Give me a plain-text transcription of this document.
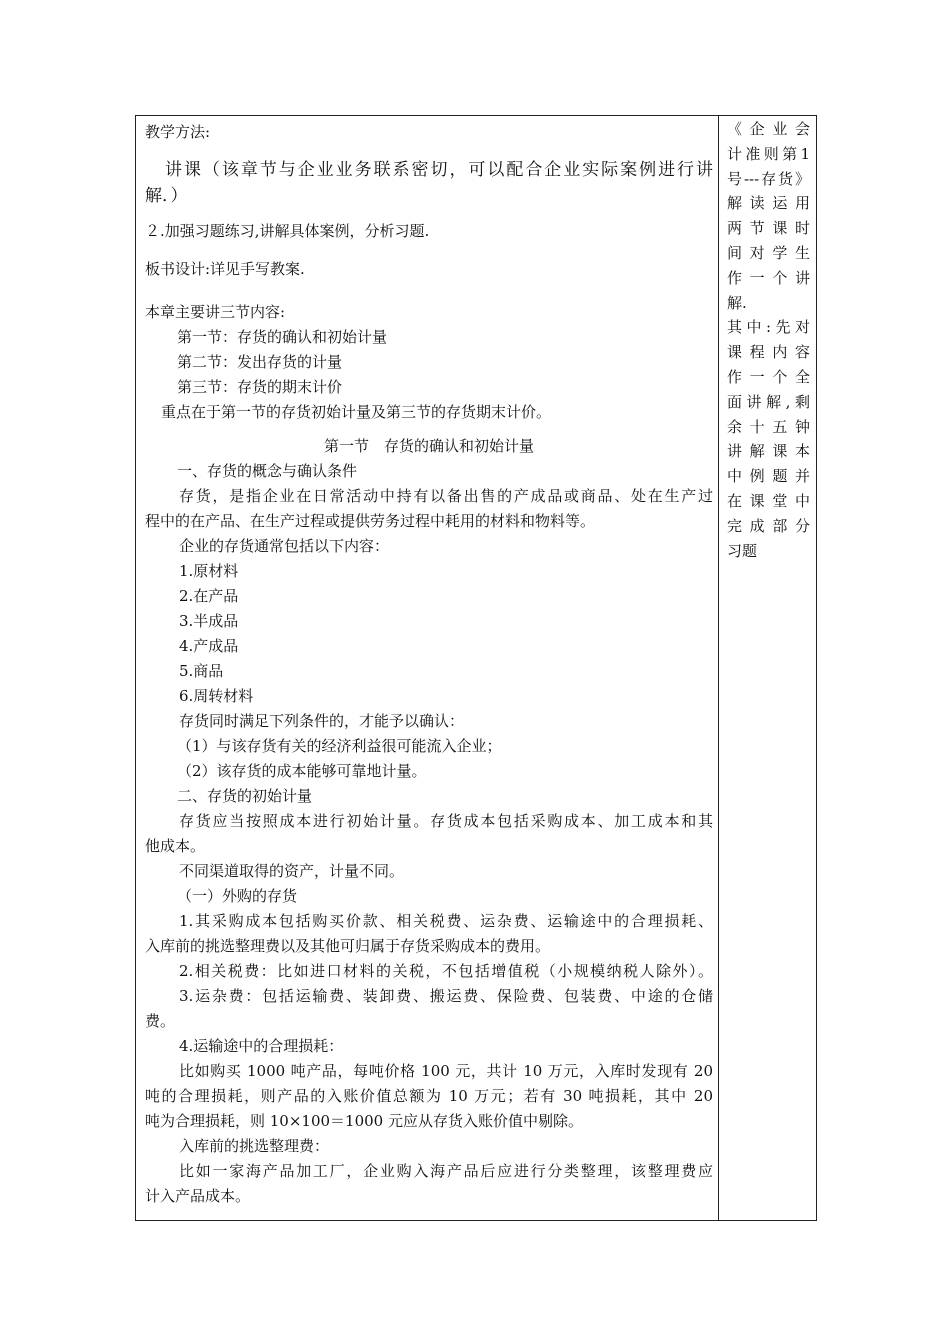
教学方法:
讲课（该章节与企业业务联系密切，可以配合企业实际案例进行讲
解．）
２.加强习题练习,讲解具体案例，分析习题.
板书设计:详见手写教案.
本章主要讲三节内容:
第一节：存货的确认和初始计量
第二节：发出存货的计量
第三节：存货的期末计价
重点在于第一节的存货初始计量及第三节的存货期末计价。
第一节　存货的确认和初始计量
一、存货的概念与确认条件
存货，是指企业在日常活动中持有以备出售的产成品或商品、处在生产过
程中的在产品、在生产过程或提供劳务过程中耗用的材料和物料等。
企业的存货通常包括以下内容：
1.原材料
2.在产品
3.半成品
4.产成品
5.商品
6.周转材料
存货同时满足下列条件的，才能予以确认：
（1）与该存货有关的经济利益很可能流入企业；
（2）该存货的成本能够可靠地计量。
二、存货的初始计量
存货应当按照成本进行初始计量。存货成本包括采购成本、加工成本和其
他成本。
不同渠道取得的资产，计量不同。
（一）外购的存货
1.其采购成本包括购买价款、相关税费、运杂费、运输途中的合理损耗、
入库前的挑选整理费以及其他可归属于存货采购成本的费用。
2.相关税费：比如进口材料的关税，不包括增值税（小规模纳税人除外）。
3.运杂费：包括运输费、装卸费、搬运费、保险费、包装费、中途的仓储
费。
4.运输途中的合理损耗：
比如购买 1000 吨产品，每吨价格 100 元，共计 10 万元，入库时发现有 20
吨的合理损耗，则产品的入账价值总额为 10 万元；若有 30 吨损耗，其中 20
吨为合理损耗，则 10×100＝1000 元应从存货入账价值中剔除。
入库前的挑选整理费：
比如一家海产品加工厂，企业购入海产品后应进行分类整理，该整理费应
计入产品成本。
《企业会
计准则第1
号---存货》
解读运用
两节课时
间对学生
作一个讲
解.
其中:先对
课程内容
作一个全
面讲解,剩
余十五钟
讲解课本
中例题并
在课堂中
完成部分
习题
